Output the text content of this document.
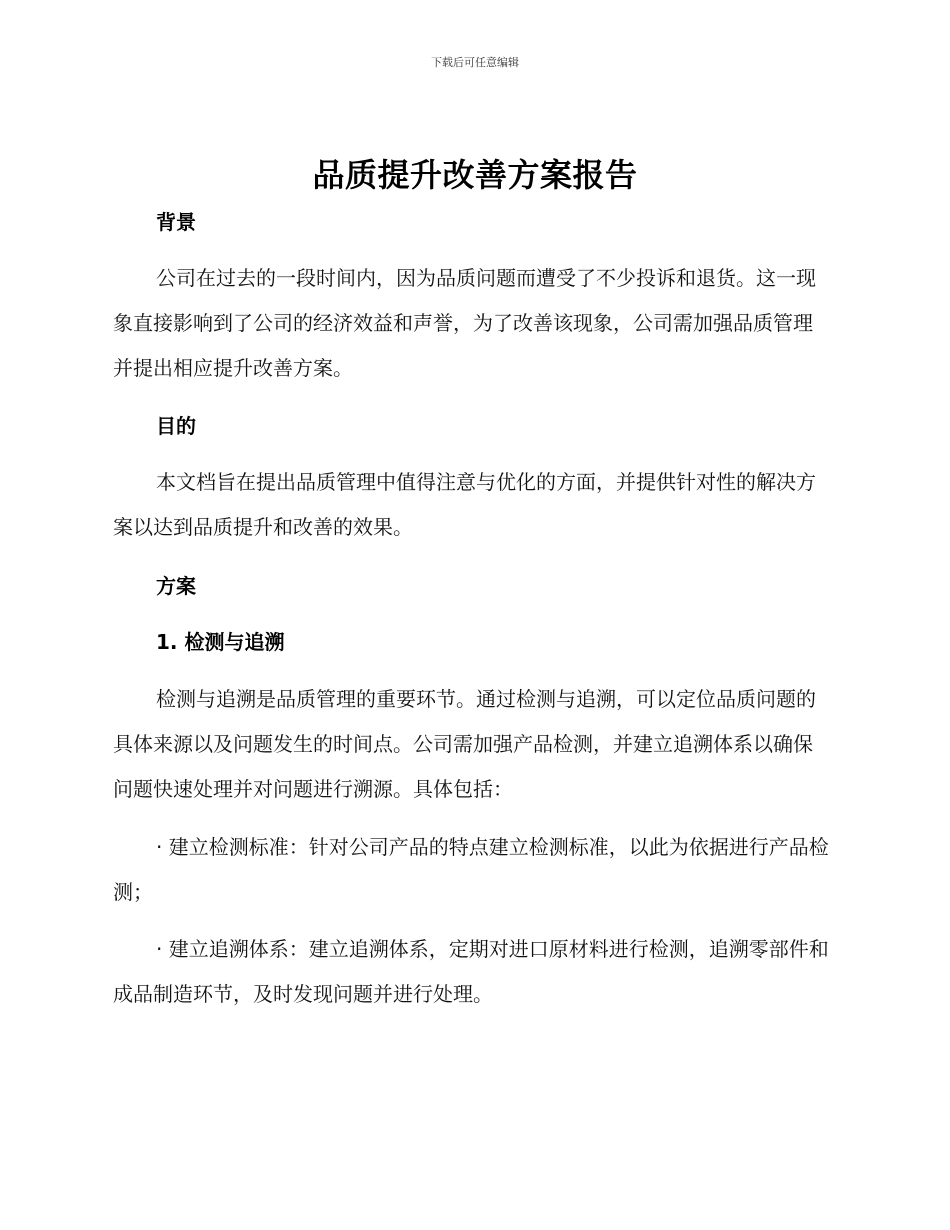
下载后可任意编辑
品质提升改善方案报告
背景

公司在过去的一段时间内，因为品质问题而遭受了不少投诉和退货。这一现象直接影响到了公司的经济效益和声誉，为了改善该现象，公司需加强品质管理并提出相应提升改善方案。

目的

本文档旨在提出品质管理中值得注意与优化的方面，并提供针对性的解决方案以达到品质提升和改善的效果。

方案
1. 检测与追溯

检测与追溯是品质管理的重要环节。通过检测与追溯，可以定位品质问题的具体来源以及问题发生的时间点。公司需加强产品检测，并建立追溯体系以确保问题快速处理并对问题进行溯源。具体包括：

· 建立检测标准：针对公司产品的特点建立检测标准，以此为依据进行产品检测；

· 建立追溯体系：建立追溯体系，定期对进口原材料进行检测，追溯零部件和成品制造环节，及时发现问题并进行处理。
